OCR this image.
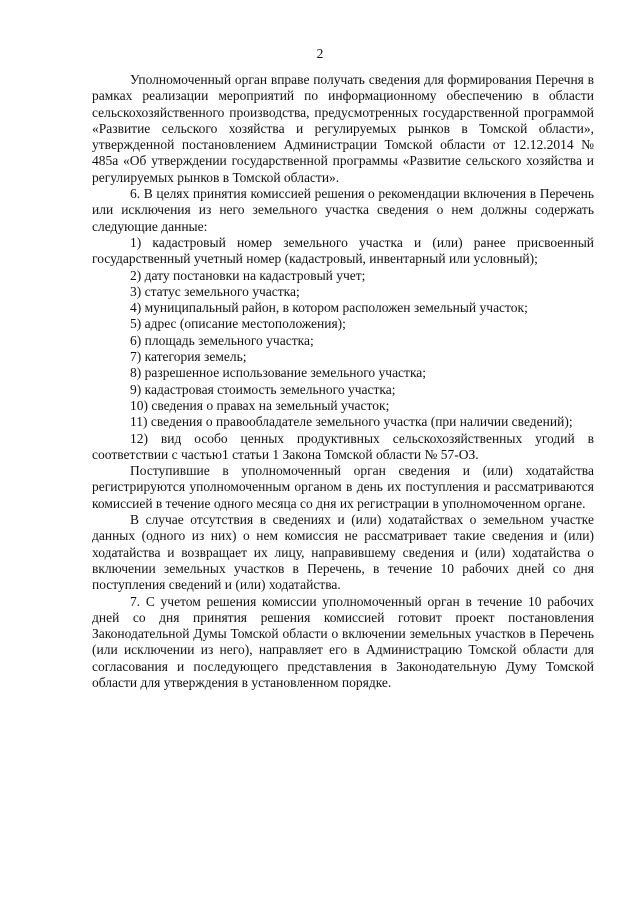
2

Уполномоченный орган вправе получать сведения для формирования Перечня в рамках реализации мероприятий по информационному обеспечению в области сельскохозяйственного производства, предусмотренных государственной программой «Развитие сельского хозяйства и регулируемых рынков в Томской области», утвержденной постановлением Администрации Томской области от 12.12.2014 № 485а «Об утверждении государственной программы «Развитие сельского хозяйства и регулируемых рынков в Томской области».

6. В целях принятия комиссией решения о рекомендации включения в Перечень или исключения из него земельного участка сведения о нем должны содержать следующие данные:

1) кадастровый номер земельного участка и (или) ранее присвоенный государственный учетный номер (кадастровый, инвентарный или условный);

2) дату постановки на кадастровый учет;

3) статус земельного участка;

4) муниципальный район, в котором расположен земельный участок;

5) адрес (описание местоположения);

6) площадь земельного участка;

7) категория земель;

8) разрешенное использование земельного участка;

9) кадастровая стоимость земельного участка;

10) сведения о правах на земельный участок;

11) сведения о правообладателе земельного участка (при наличии сведений);

12) вид особо ценных продуктивных сельскохозяйственных угодий в соответствии с частью1 статьи 1 Закона Томской области № 57-ОЗ.

Поступившие в уполномоченный орган сведения и (или) ходатайства регистрируются уполномоченным органом в день их поступления и рассматриваются комиссией в течение одного месяца со дня их регистрации в уполномоченном органе.

В случае отсутствия в сведениях и (или) ходатайствах о земельном участке данных (одного из них) о нем комиссия не рассматривает такие сведения и (или) ходатайства и возвращает их лицу, направившему сведения и (или) ходатайства о включении земельных участков в Перечень, в течение 10 рабочих дней со дня поступления сведений и (или) ходатайства.

7. С учетом решения комиссии уполномоченный орган в течение 10 рабочих дней со дня принятия решения комиссией готовит проект постановления Законодательной Думы Томской области о включении земельных участков в Перечень (или исключении из него), направляет его в Администрацию Томской области для согласования и последующего представления в Законодательную Думу Томской области для утверждения в установленном порядке.
